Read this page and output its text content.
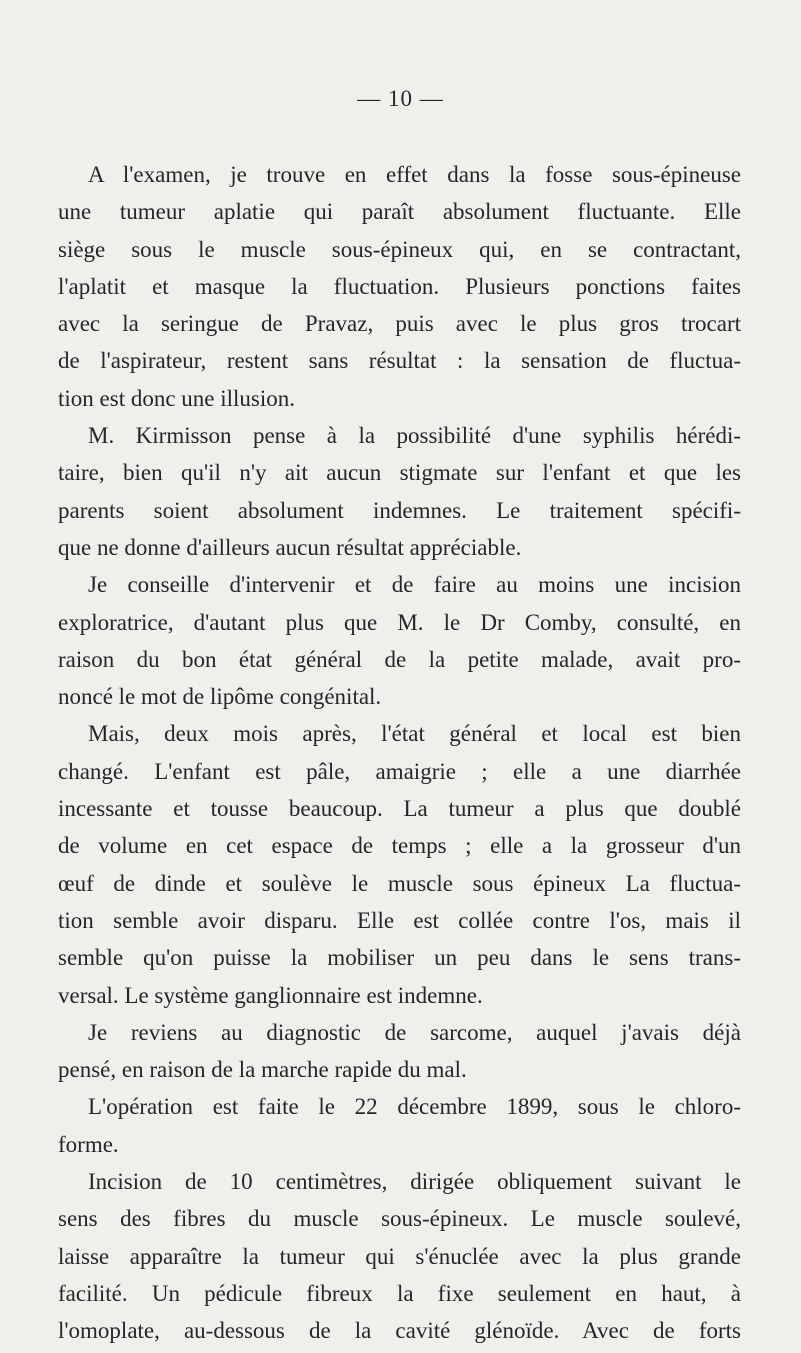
— 10 —
A l'examen, je trouve en effet dans la fosse sous-épineuse
une tumeur aplatie qui paraît absolument fluctuante. Elle
siège sous le muscle sous-épineux qui, en se contractant,
l'aplatit et masque la fluctuation. Plusieurs ponctions faites
avec la seringue de Pravaz, puis avec le plus gros trocart
de l'aspirateur, restent sans résultat : la sensation de fluctua-
tion est donc une illusion.
M. Kirmisson pense à la possibilité d'une syphilis hérédi-
taire, bien qu'il n'y ait aucun stigmate sur l'enfant et que les
parents soient absolument indemnes. Le traitement spécifi-
que ne donne d'ailleurs aucun résultat appréciable.
Je conseille d'intervenir et de faire au moins une incision
exploratrice, d'autant plus que M. le Dr Comby, consulté, en
raison du bon état général de la petite malade, avait pro-
noncé le mot de lipôme congénital.
Mais, deux mois après, l'état général et local est bien
changé. L'enfant est pâle, amaigrie ; elle a une diarrhée
incessante et tousse beaucoup. La tumeur a plus que doublé
de volume en cet espace de temps ; elle a la grosseur d'un
œuf de dinde et soulève le muscle sous épineux La fluctua-
tion semble avoir disparu. Elle est collée contre l'os, mais il
semble qu'on puisse la mobiliser un peu dans le sens trans-
versal. Le système ganglionnaire est indemne.
Je reviens au diagnostic de sarcome, auquel j'avais déjà
pensé, en raison de la marche rapide du mal.
L'opération est faite le 22 décembre 1899, sous le chloro-
forme.
Incision de 10 centimètres, dirigée obliquement suivant le
sens des fibres du muscle sous-épineux. Le muscle soulevé,
laisse apparaître la tumeur qui s'énuclée avec la plus grande
facilité. Un pédicule fibreux la fixe seulement en haut, à
l'omoplate, au-dessous de la cavité glénoïde. Avec de forts
